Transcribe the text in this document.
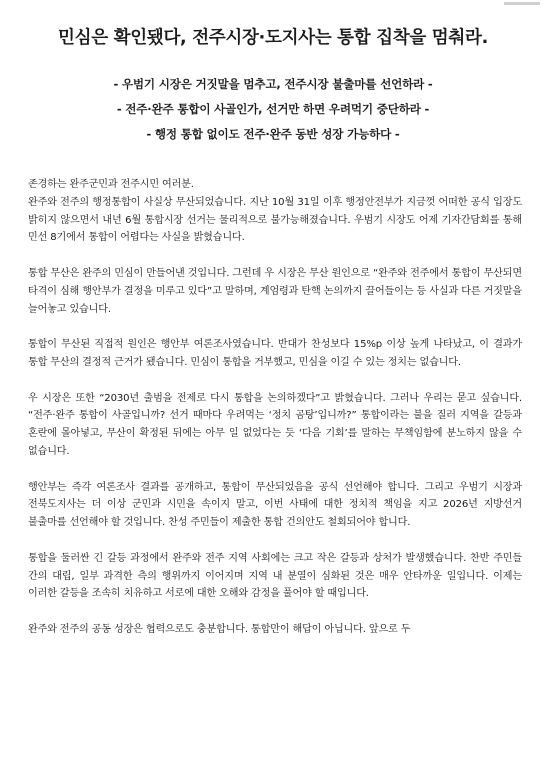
민심은 확인됐다, 전주시장·도지사는 통합 집착을 멈춰라.
- 우범기 시장은 거짓말을 멈추고, 전주시장 불출마를 선언하라 -
- 전주·완주 통합이 사골인가, 선거만 하면 우려먹기 중단하라 -
- 행정 통합 없이도 전주·완주 동반 성장 가능하다 -
존경하는 완주군민과 전주시민 여러분.

완주와 전주의 행정통합이 사실상 무산되었습니다. 지난 10월 31일 이후 행정안전부가 지금껏 어떠한 공식 입장도 밝히지 않으면서 내년 6월 통합시장 선거는 물리적으로 불가능해졌습니다. 우범기 시장도 어제 기자간담회를 통해 민선 8기에서 통합이 어렵다는 사실을 밝혔습니다.

통합 무산은 완주의 민심이 만들어낸 것입니다. 그런데 우 시장은 무산 원인으로 “완주와 전주에서 통합이 무산되면 타격이 심해 행안부가 결정을 미루고 있다”고 말하며, 계엄령과 탄핵 논의까지 끌어들이는 등 사실과 다른 거짓말을 늘어놓고 있습니다.

통합이 무산된 직접적 원인은 행안부 여론조사였습니다. 반대가 찬성보다 15%p 이상 높게 나타났고, 이 결과가 통합 무산의 결정적 근거가 됐습니다. 민심이 통합을 거부했고, 민심을 이길 수 있는 정치는 없습니다.

우 시장은 또한 “2030년 출범을 전제로 다시 통합을 논의하겠다”고 밝혔습니다. 그러나 우리는 묻고 싶습니다. “전주·완주 통합이 사골입니까? 선거 때마다 우려먹는 ‘정치 곰탕’입니까?” 통합이라는 불을 질러 지역을 갈등과 혼란에 몰아넣고, 무산이 확정된 뒤에는 아무 일 없었다는 듯 ‘다음 기회’를 말하는 무책임함에 분노하지 않을 수 없습니다.

행안부는 즉각 여론조사 결과를 공개하고, 통합이 무산되었음을 공식 선언해야 합니다. 그리고 우범기 시장과 전북도지사는 더 이상 군민과 시민을 속이지 말고, 이번 사태에 대한 정치적 책임을 지고 2026년 지방선거 불출마를 선언해야 할 것입니다. 찬성 주민들이 제출한 통합 건의안도 철회되어야 합니다.

통합을 둘러싼 긴 갈등 과정에서 완주와 전주 지역 사회에는 크고 작은 갈등과 상처가 발생했습니다. 찬반 주민들 간의 대립, 일부 과격한 측의 행위까지 이어지며 지역 내 분열이 심화된 것은 매우 안타까운 일입니다. 이제는 이러한 갈등을 조속히 치유하고 서로에 대한 오해와 감정을 풀어야 할 때입니다.

완주와 전주의 공동 성장은 협력으로도 충분합니다. 통합만이 해답이 아닙니다. 앞으로 두
